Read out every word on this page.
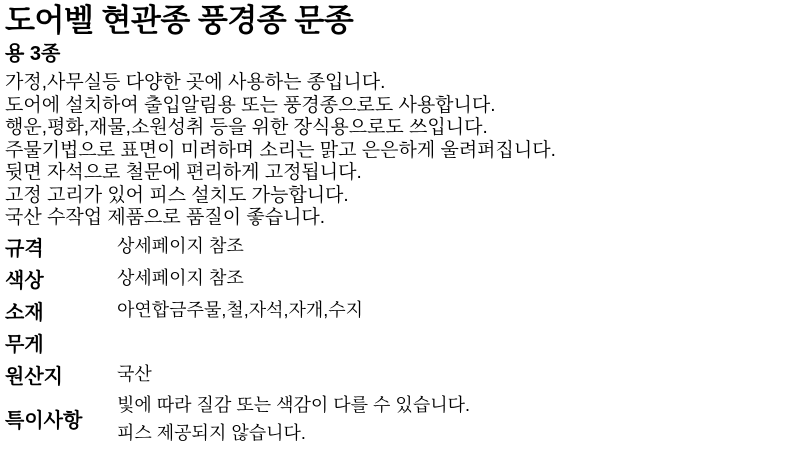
도어벨 현관종 풍경종 문종
용 3종
가정,사무실등 다양한 곳에 사용하는 종입니다.
도어에 설치하여 출입알림용 또는 풍경종으로도 사용합니다.
행운,평화,재물,소원성취 등을 위한 장식용으로도 쓰입니다.
주물기법으로 표면이 미려하며 소리는 맑고 은은하게 울려퍼집니다.
뒷면 자석으로 철문에 편리하게 고정됩니다.
고정 고리가 있어 피스 설치도 가능합니다.
국산 수작업 제품으로 품질이 좋습니다.
규격	상세페이지 참조

색상	상세페이지 참조

소재	아연합금주물,철,자석,자개,수지

무게	
원산지	국산

특이사항	빛에 따라 질감 또는 색감이 다를 수 있습니다.
피스 제공되지 않습니다.
